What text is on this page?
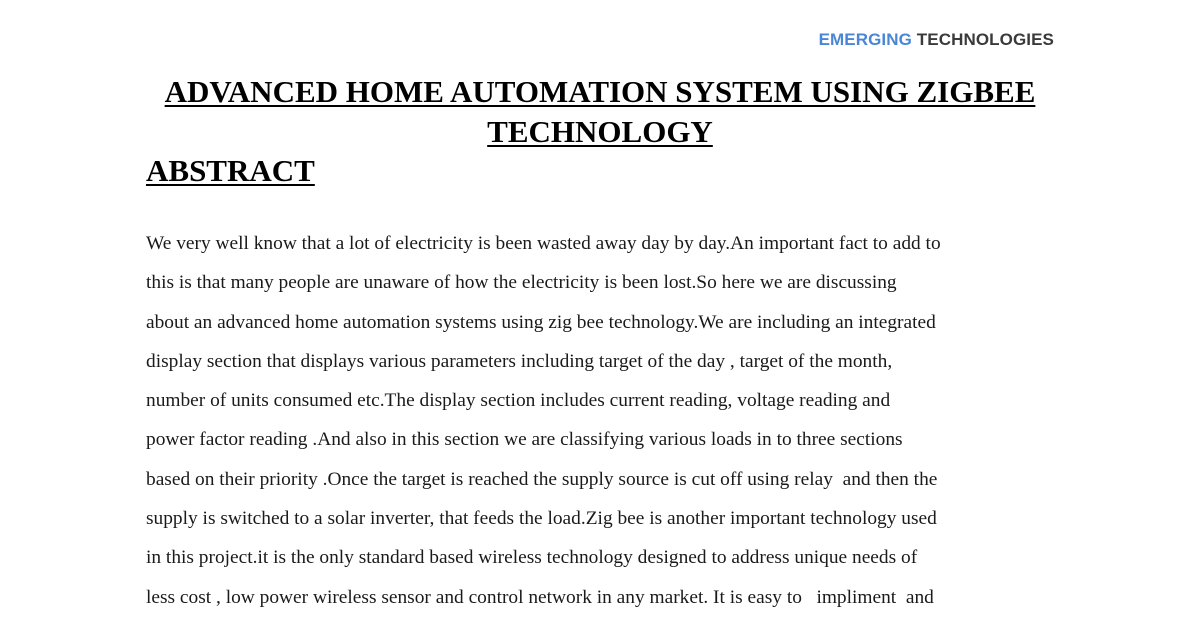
EMERGING TECHNOLOGIES
ADVANCED HOME AUTOMATION SYSTEM USING ZIGBEE TECHNOLOGY
ABSTRACT
We very well know that a lot of electricity is been wasted away day by day.An important fact to add to
this is that many people are unaware of how the electricity is been lost.So here we are discussing
about an advanced home automation systems using zig bee technology.We are including an integrated
display section that displays various parameters including target of the day , target of the month,
number of units consumed etc.The display section includes current reading, voltage reading and
power factor reading .And also in this section we are classifying various loads in to three sections
based on their priority .Once the target is reached the supply source is cut off using relay  and then the
supply is switched to a solar inverter, that feeds the load.Zig bee is another important technology used
in this project.it is the only standard based wireless technology designed to address unique needs of
less cost , low power wireless sensor and control network in any market. It is easy to   impliment  and
